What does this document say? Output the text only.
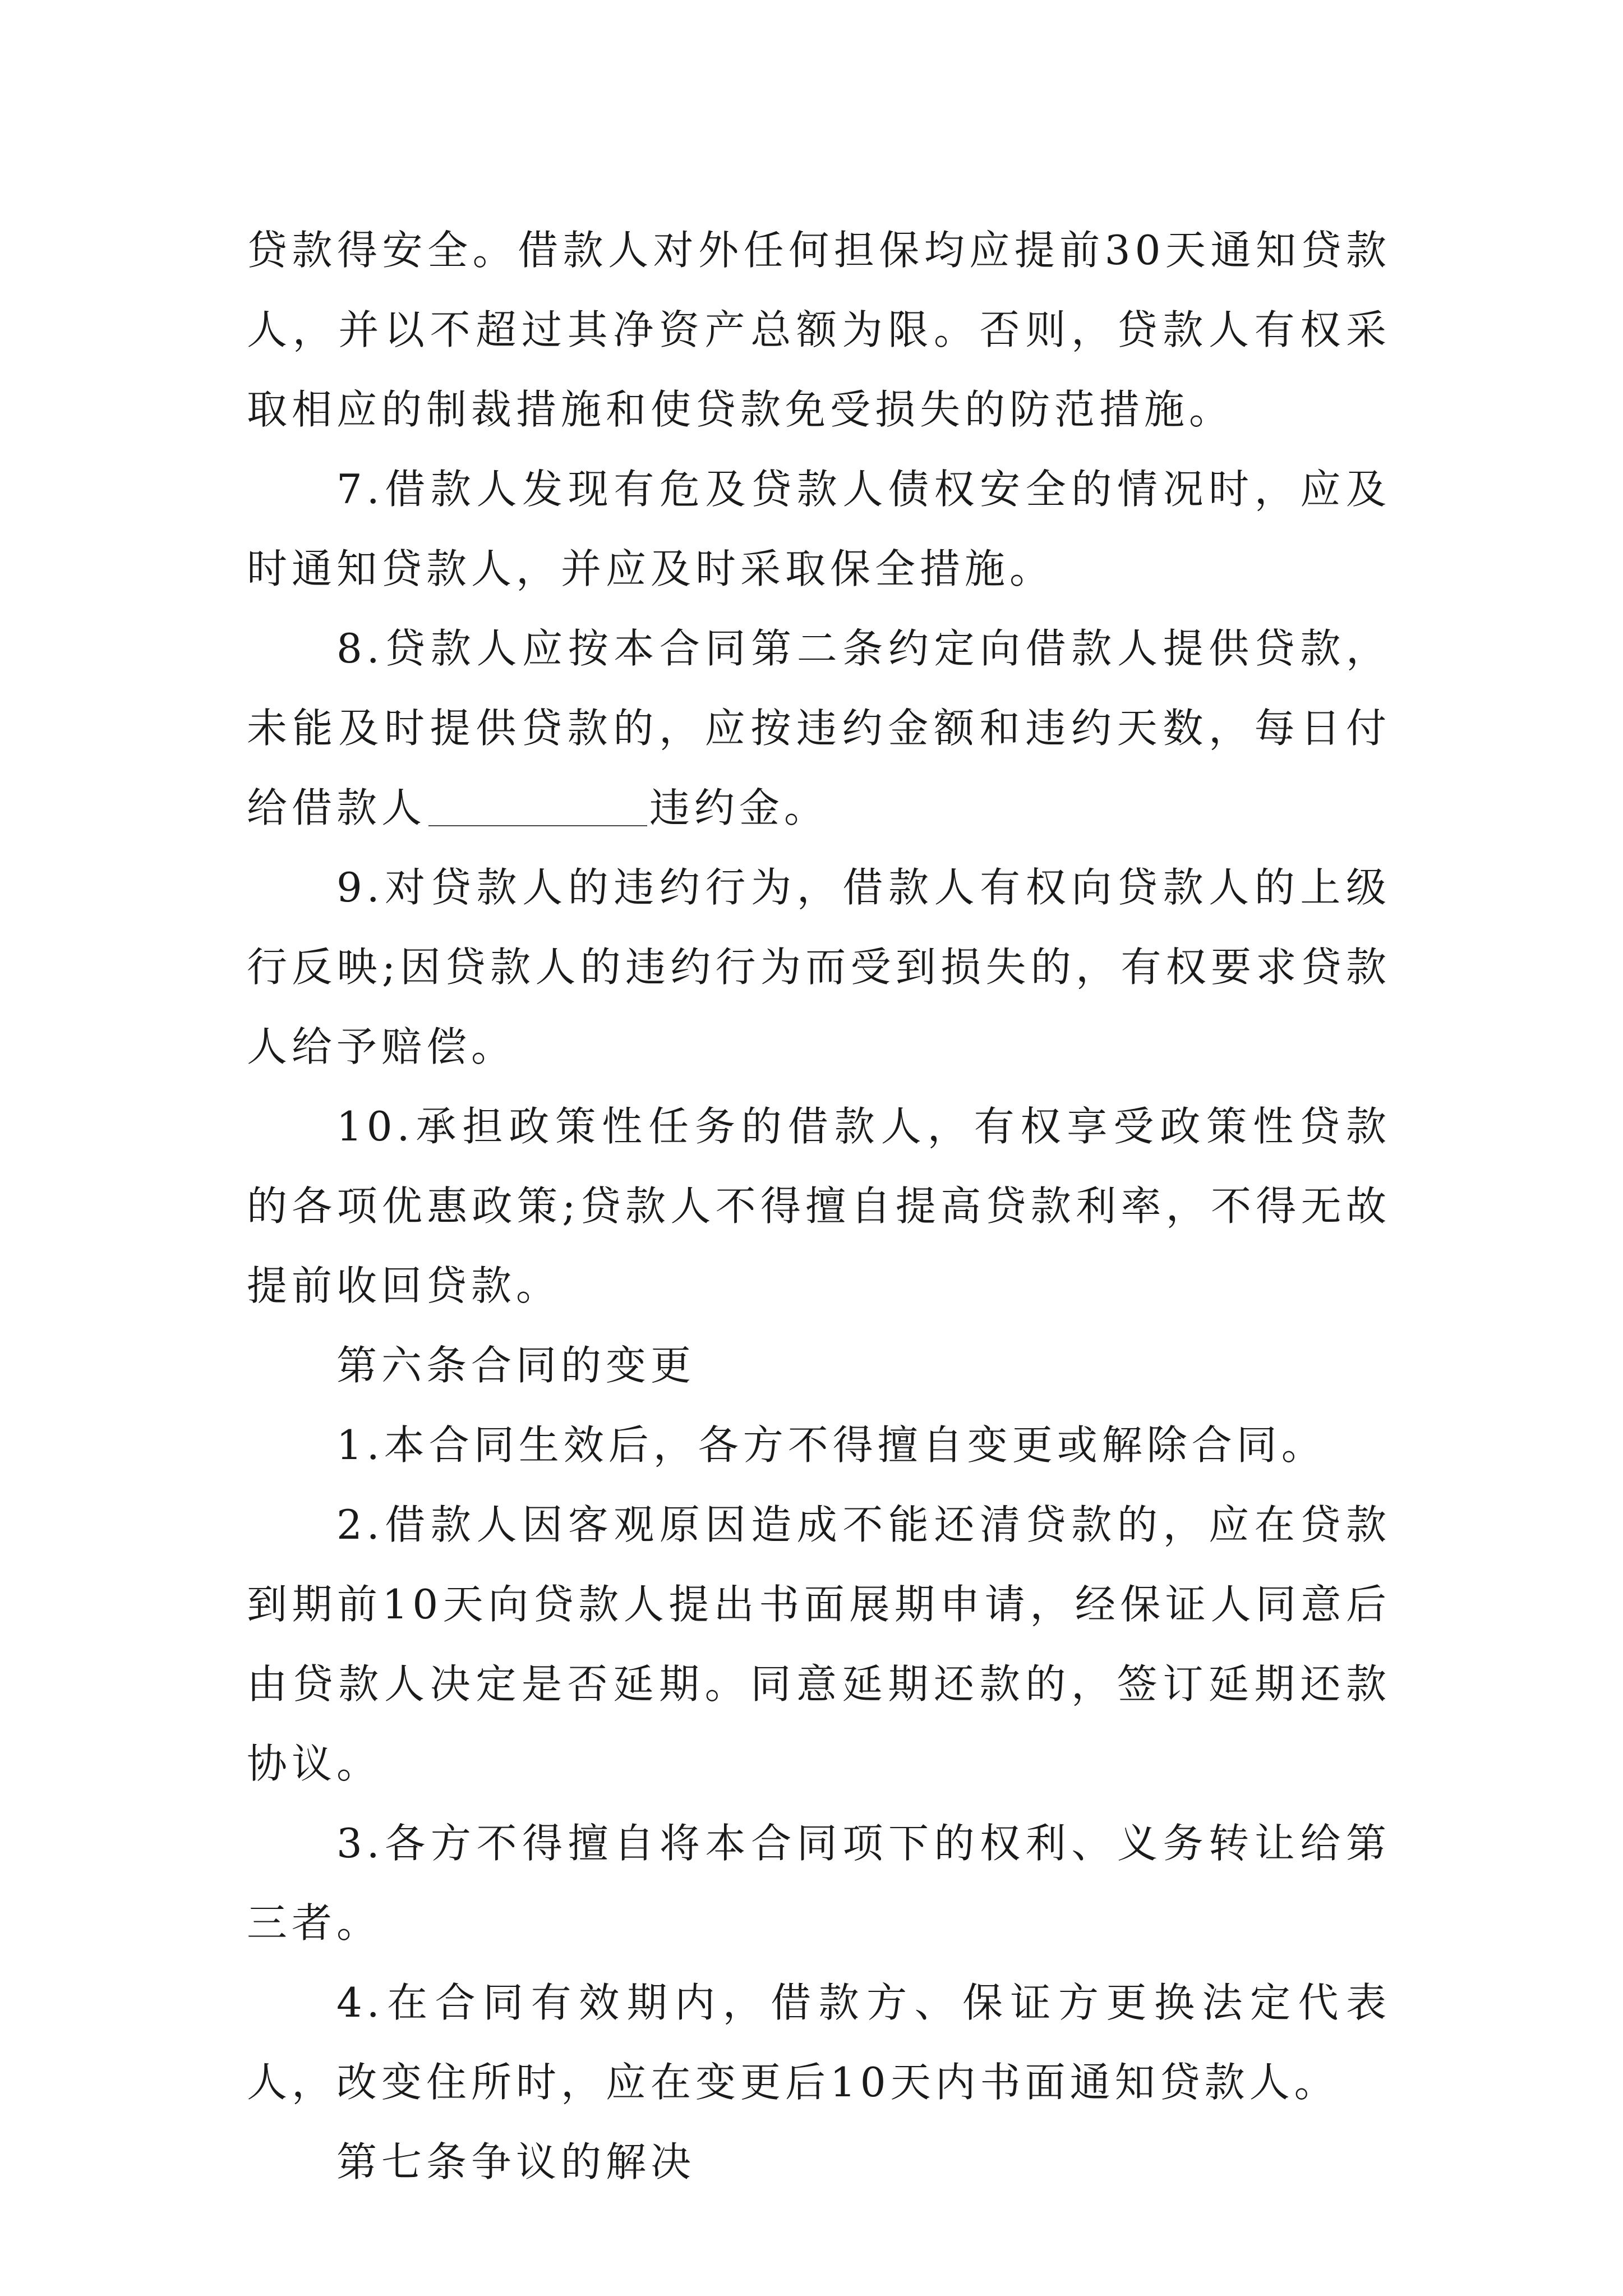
贷款得安全。借款人对外任何担保均应提前30天通知贷款人，并以不超过其净资产总额为限。否则，贷款人有权采取相应的制裁措施和使贷款免受损失的防范措施。

7.借款人发现有危及贷款人债权安全的情况时，应及时通知贷款人，并应及时采取保全措施。

8.贷款人应按本合同第二条约定向借款人提供贷款，未能及时提供贷款的，应按违约金额和违约天数，每日付给借款人	违约金。

9.对贷款人的违约行为，借款人有权向贷款人的上级行反映;因贷款人的违约行为而受到损失的，有权要求贷款人给予赔偿。

10.承担政策性任务的借款人，有权享受政策性贷款的各项优惠政策;贷款人不得擅自提高贷款利率，不得无故提前收回贷款。

第六条合同的变更

1.本合同生效后，各方不得擅自变更或解除合同。

2.借款人因客观原因造成不能还清贷款的，应在贷款到期前10天向贷款人提出书面展期申请，经保证人同意后由贷款人决定是否延期。同意延期还款的，签订延期还款协议。

3.各方不得擅自将本合同项下的权利、义务转让给第三者。

4.在合同有效期内，借款方、保证方更换法定代表人，改变住所时，应在变更后10天内书面通知贷款人。

第七条争议的解决
